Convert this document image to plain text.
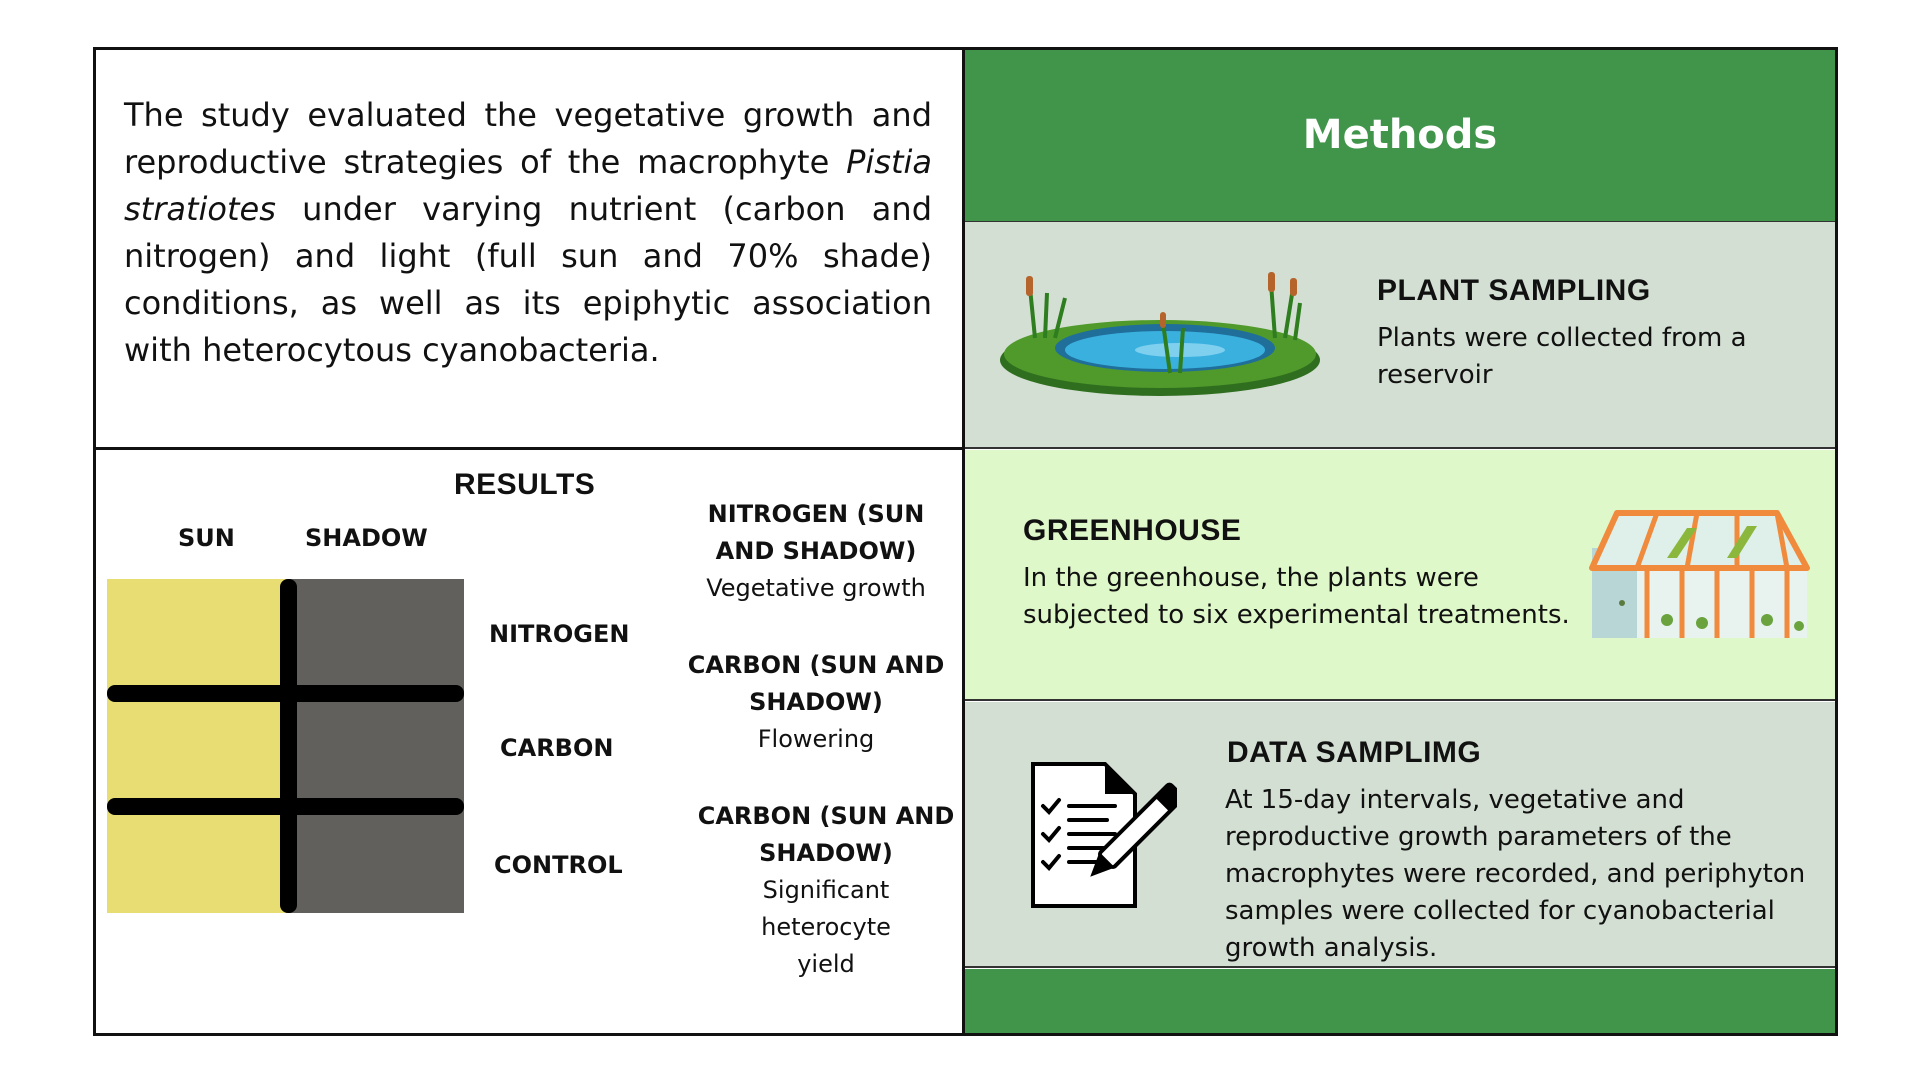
The study evaluated the vegetative growth and reproductive strategies of the macrophyte Pistia stratiotes under varying nutrient (carbon and nitrogen) and light (full sun and 70% shade) conditions, as well as its epiphytic association with heterocytous cyanobacteria.
RESULTS
SUN	SHADOW
NITROGEN
CARBON
CONTROL
NITROGEN (SUN AND SHADOW)
Vegetative growth
CARBON (SUN AND SHADOW)
Flowering
CARBON (SUN AND SHADOW)
Significant heterocyte yield
Methods
PLANT SAMPLING
Plants were collected from a reservoir
GREENHOUSE
In the greenhouse, the plants were subjected to six experimental treatments.
DATA SAMPLIMG
At 15-day intervals, vegetative and reproductive growth parameters of the macrophytes were recorded, and periphyton samples were collected for cyanobacterial growth analysis.
